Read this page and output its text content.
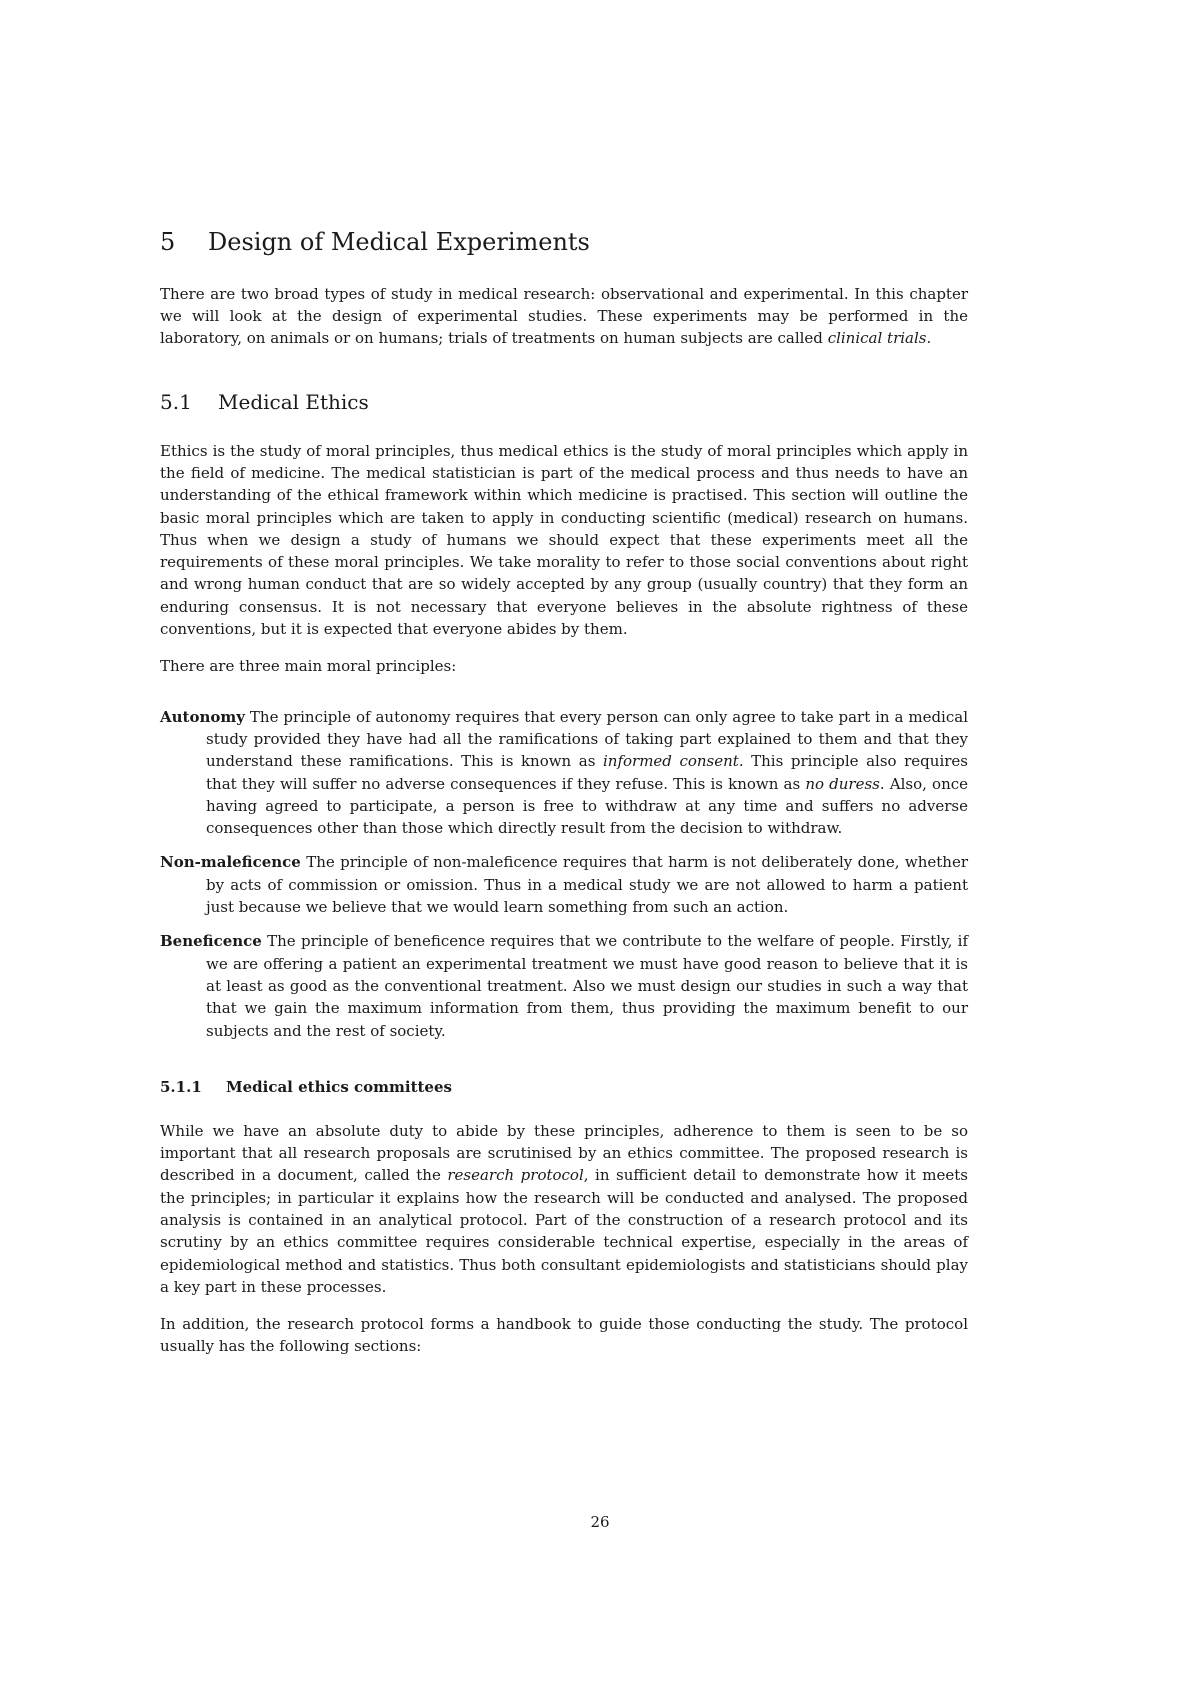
5 Design of Medical Experiments

There are two broad types of study in medical research: observational and experimental. In this chapter we will look at the design of experimental studies. These experiments may be performed in the laboratory, on animals or on humans; trials of treatments on human subjects are called clinical trials.

5.1 Medical Ethics

Ethics is the study of moral principles, thus medical ethics is the study of moral principles which apply in the field of medicine. The medical statistician is part of the medical process and thus needs to have an understanding of the ethical framework within which medicine is practised. This section will outline the basic moral principles which are taken to apply in conducting scientific (medical) research on humans. Thus when we design a study of humans we should expect that these experiments meet all the requirements of these moral principles. We take morality to refer to those social conventions about right and wrong human conduct that are so widely accepted by any group (usually country) that they form an enduring consensus. It is not necessary that everyone believes in the absolute rightness of these conventions, but it is expected that everyone abides by them.

There are three main moral principles:

Autonomy The principle of autonomy requires that every person can only agree to take part in a medical study provided they have had all the ramifications of taking part explained to them and that they understand these ramifications. This is known as informed consent. This principle also requires that they will suffer no adverse consequences if they refuse. This is known as no duress. Also, once having agreed to participate, a person is free to withdraw at any time and suffers no adverse consequences other than those which directly result from the decision to withdraw.
Non-maleficence The principle of non-maleficence requires that harm is not deliberately done, whether by acts of commission or omission. Thus in a medical study we are not allowed to harm a patient just because we believe that we would learn something from such an action.
Beneficence The principle of beneficence requires that we contribute to the welfare of people. Firstly, if we are offering a patient an experimental treatment we must have good reason to believe that it is at least as good as the conventional treatment. Also we must design our studies in such a way that that we gain the maximum information from them, thus providing the maximum benefit to our subjects and the rest of society.
5.1.1 Medical ethics committees

While we have an absolute duty to abide by these principles, adherence to them is seen to be so important that all research proposals are scrutinised by an ethics committee. The proposed research is described in a document, called the research protocol, in sufficient detail to demonstrate how it meets the principles; in particular it explains how the research will be conducted and analysed. The proposed analysis is contained in an analytical protocol. Part of the construction of a research protocol and its scrutiny by an ethics committee requires considerable technical expertise, especially in the areas of epidemiological method and statistics. Thus both consultant epidemiologists and statisticians should play a key part in these processes.

In addition, the research protocol forms a handbook to guide those conducting the study. The protocol usually has the following sections:

26
